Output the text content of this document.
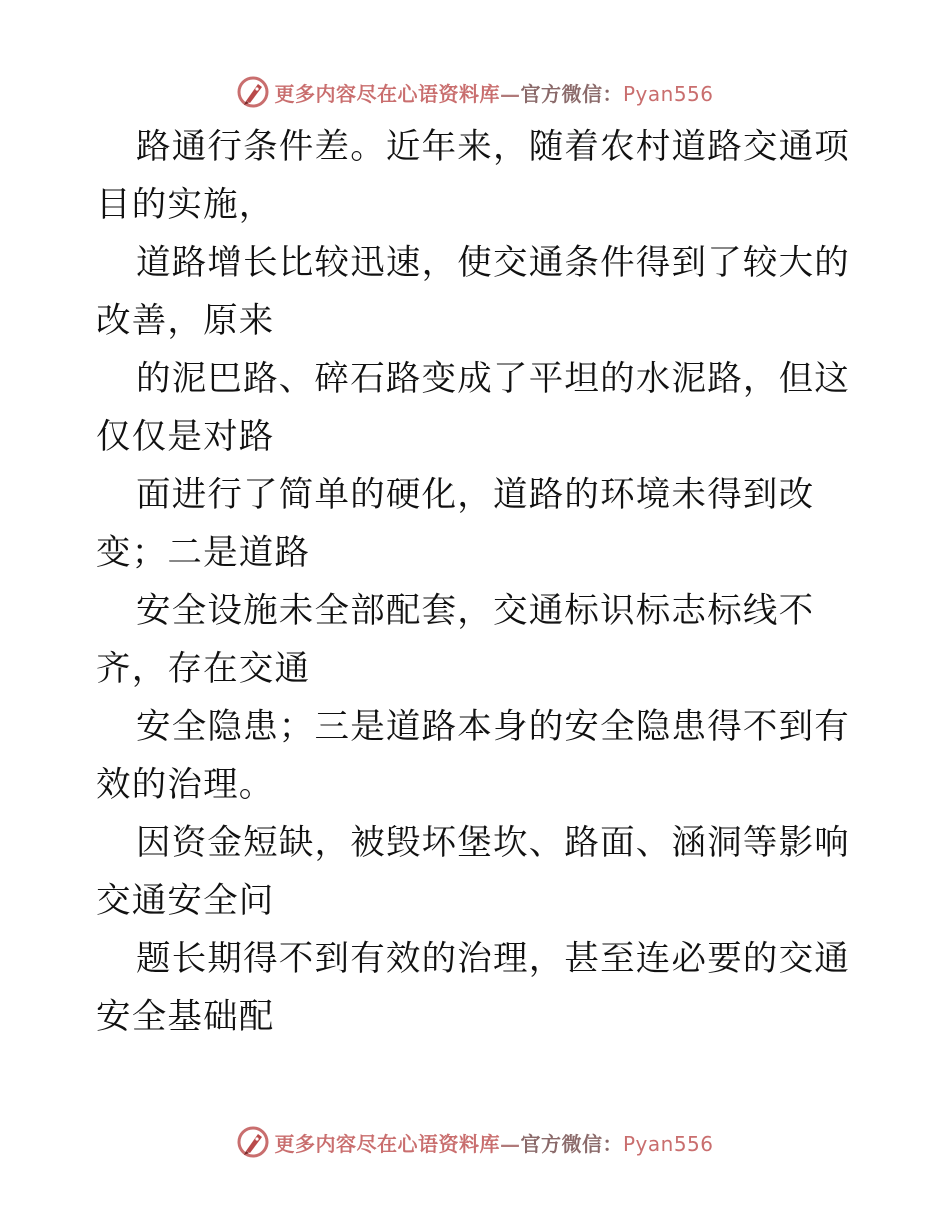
更多内容尽在心语资料库—官方微信：Pyan556

路通行条件差。近年来，随着农村道路交通项目的实施，

道路增长比较迅速，使交通条件得到了较大的改善，原来

的泥巴路、碎石路变成了平坦的水泥路，但这仅仅是对路

面进行了简单的硬化，道路的环境未得到改变；二是道路

安全设施未全部配套，交通标识标志标线不齐，存在交通

安全隐患；三是道路本身的安全隐患得不到有效的治理。

因资金短缺，被毁坏堡坎、路面、涵洞等影响交通安全问

题长期得不到有效的治理，甚至连必要的交通安全基础配

更多内容尽在心语资料库—官方微信：Pyan556
